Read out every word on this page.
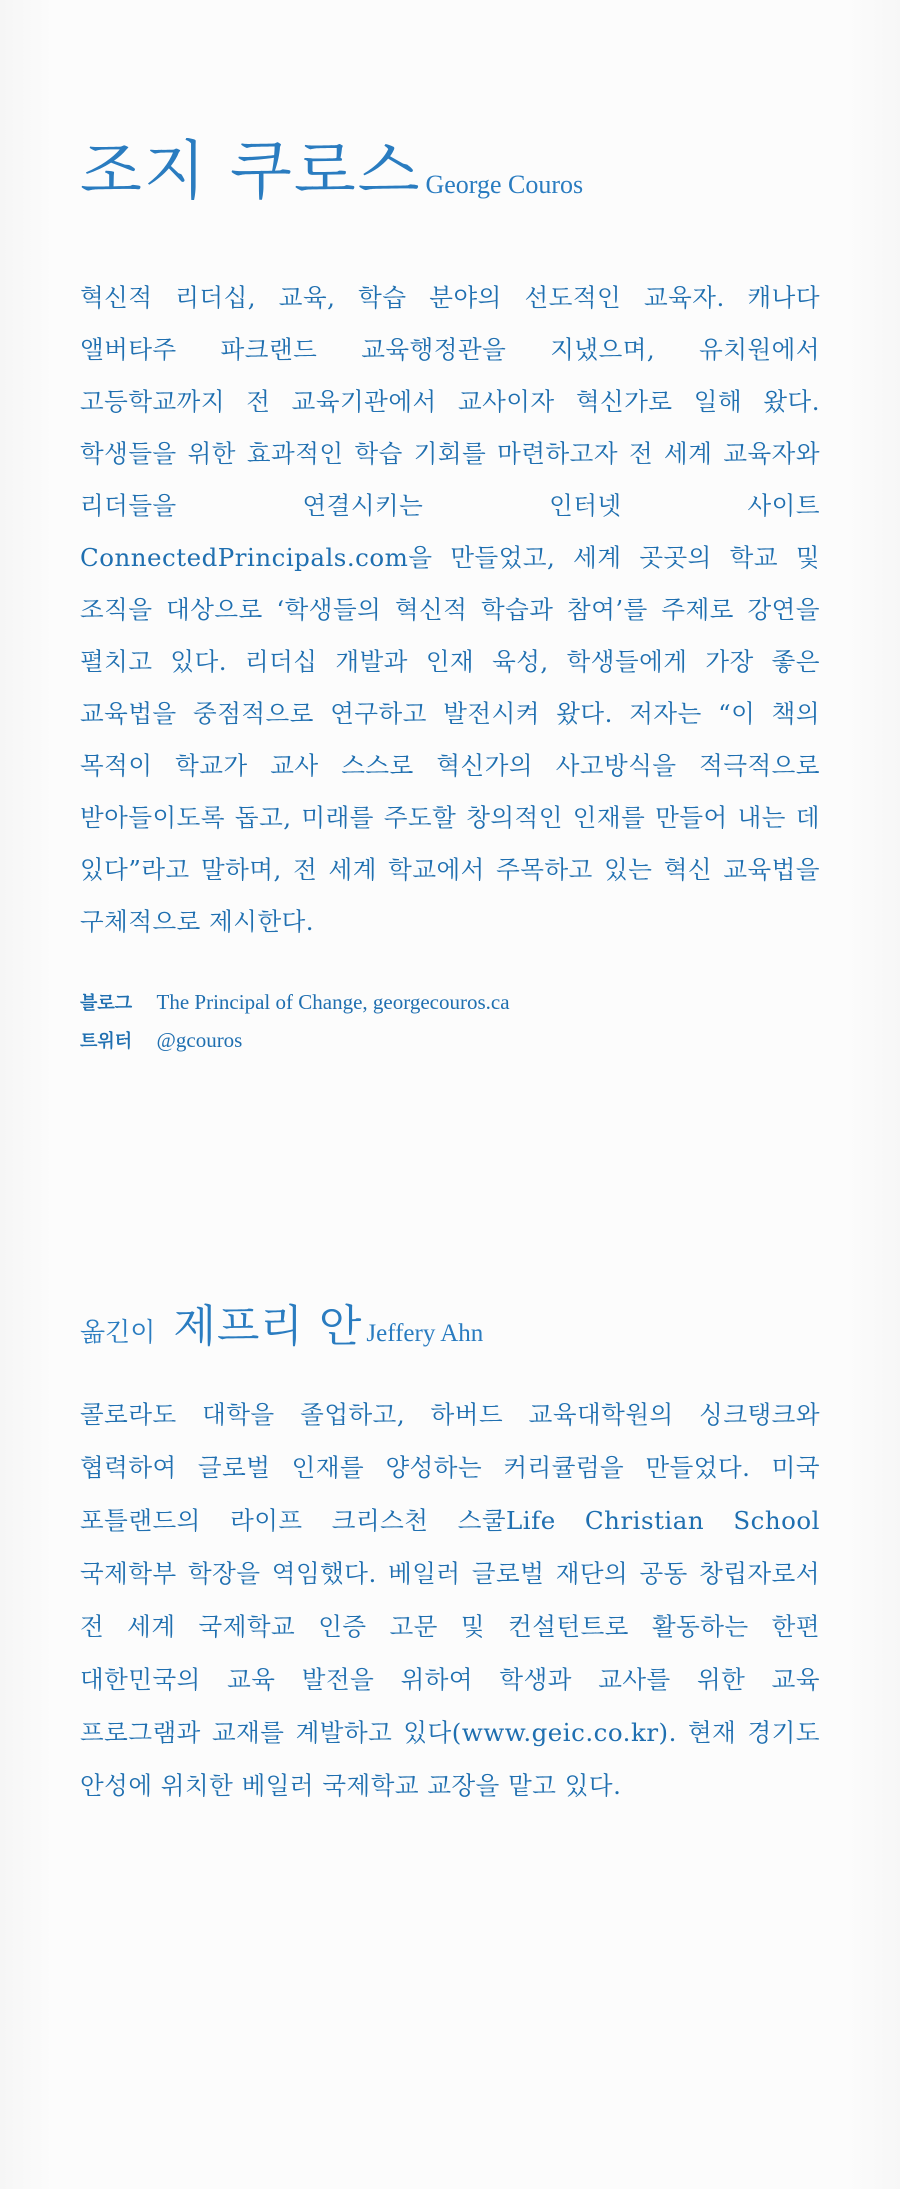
조지 쿠로스 George Couros

혁신적 리더십, 교육, 학습 분야의 선도적인 교육자. 캐나다 앨버타주 파크랜드 교육행정관을 지냈으며, 유치원에서 고등학교까지 전 교육기관에서 교사이자 혁신가로 일해 왔다. 학생들을 위한 효과적인 학습 기회를 마련하고자 전 세계 교육자와 리더들을 연결시키는 인터넷 사이트 ConnectedPrincipals.com을 만들었고, 세계 곳곳의 학교 및 조직을 대상으로 ‘학생들의 혁신적 학습과 참여’를 주제로 강연을 펼치고 있다. 리더십 개발과 인재 육성, 학생들에게 가장 좋은 교육법을 중점적으로 연구하고 발전시켜 왔다. 저자는 “이 책의 목적이 학교가 교사 스스로 혁신가의 사고방식을 적극적으로 받아들이도록 돕고, 미래를 주도할 창의적인 인재를 만들어 내는 데 있다”라고 말하며, 전 세계 학교에서 주목하고 있는 혁신 교육법을 구체적으로 제시한다.

블로그 The Principal of Change, georgecouros.ca
트위터 @gcouros
옮긴이 제프리 안 Jeffery Ahn

콜로라도 대학을 졸업하고, 하버드 교육대학원의 싱크탱크와 협력하여 글로벌 인재를 양성하는 커리큘럼을 만들었다. 미국 포틀랜드의 라이프 크리스천 스쿨Life Christian School 국제학부 학장을 역임했다. 베일러 글로벌 재단의 공동 창립자로서 전 세계 국제학교 인증 고문 및 컨설턴트로 활동하는 한편 대한민국의 교육 발전을 위하여 학생과 교사를 위한 교육 프로그램과 교재를 계발하고 있다(www.geic.co.kr). 현재 경기도 안성에 위치한 베일러 국제학교 교장을 맡고 있다.
